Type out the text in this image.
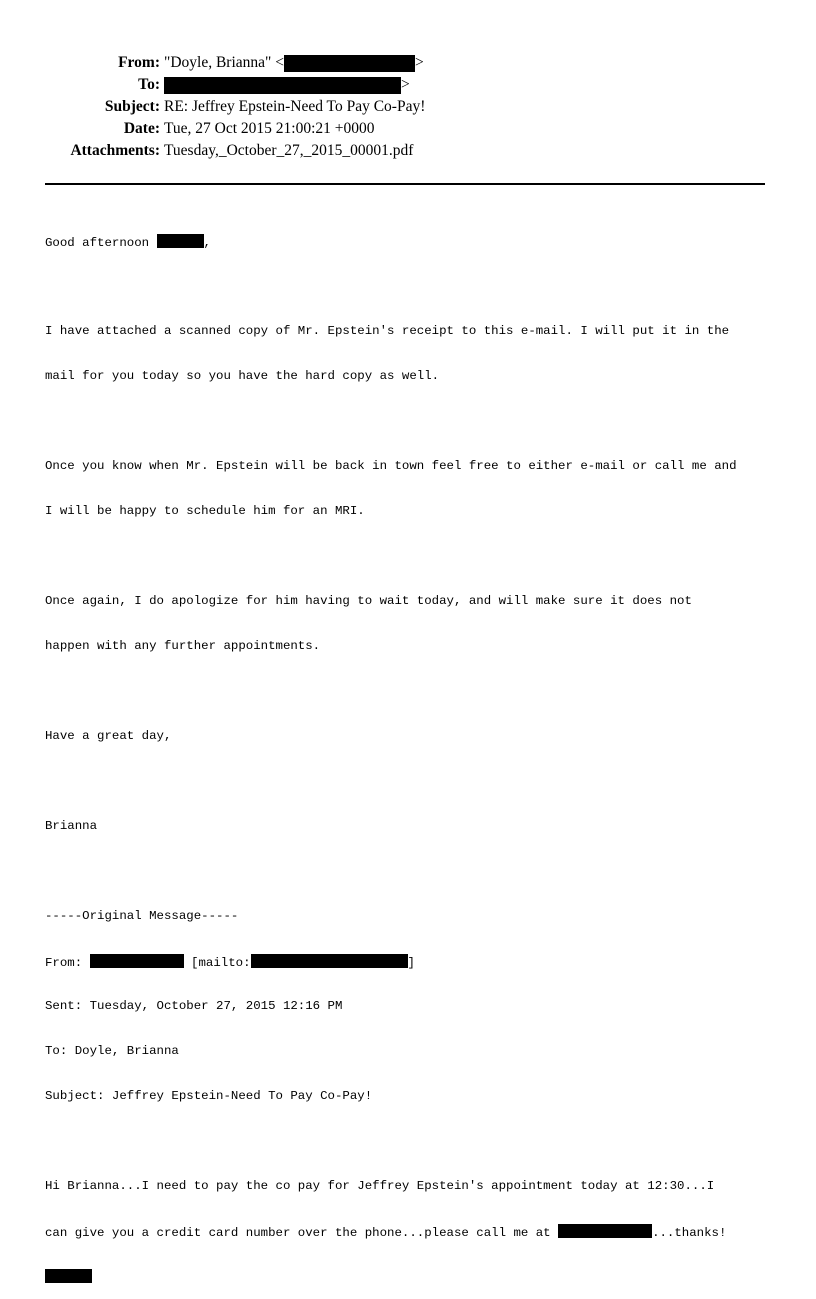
From: "Doyle, Brianna" <	>
To:	>
Subject: RE: Jeffrey Epstein-Need To Pay Co-Pay!
Date: Tue, 27 Oct 2015 21:00:21 +0000
Attachments: Tuesday,_October_27,_2015_00001.pdf

Good afternoon	,

I have attached a scanned copy of Mr. Epstein's receipt to this e-mail. I will put it in the

mail for you today so you have the hard copy as well.

Once you know when Mr. Epstein will be back in town feel free to either e-mail or call me and

I will be happy to schedule him for an MRI.

Once again, I do apologize for him having to wait today, and will make sure it does not

happen with any further appointments.

Have a great day,

Brianna

-----Original Message-----

From:	[mailto:	]

Sent: Tuesday, October 27, 2015 12:16 PM

To: Doyle, Brianna

Subject: Jeffrey Epstein-Need To Pay Co-Pay!

Hi Brianna...I need to pay the co pay for Jeffrey Epstein's appointment today at 12:30...I

can give you a credit card number over the phone...please call me at	...thanks!
